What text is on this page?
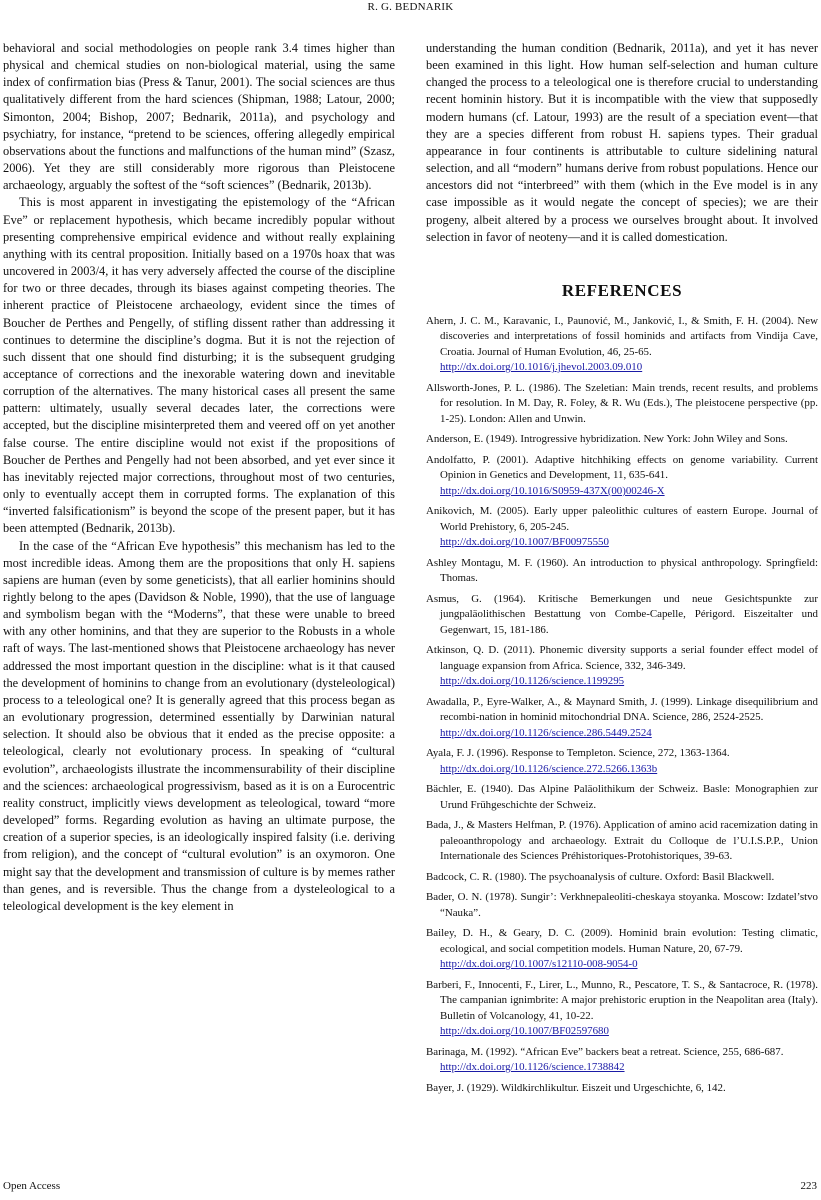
R. G. BEDNARIK

behavioral and social methodologies on people rank 3.4 times higher than physical and chemical studies on non-biological material, using the same index of confirmation bias (Press & Tanur, 2001). The social sciences are thus qualitatively different from the hard sciences (Shipman, 1988; Latour, 2000; Simonton, 2004; Bishop, 2007; Bednarik, 2011a), and psychology and psychiatry, for instance, “pretend to be sciences, offering allegedly empirical observations about the functions and malfunctions of the human mind” (Szasz, 2006). Yet they are still considerably more rigorous than Pleistocene archaeology, arguably the softest of the “soft sciences” (Bednarik, 2013b).

This is most apparent in investigating the epistemology of the “African Eve” or replacement hypothesis, which became incredibly popular without presenting comprehensive empirical evidence and without really explaining anything with its central proposition. Initially based on a 1970s hoax that was uncovered in 2003/4, it has very adversely affected the course of the discipline for two or three decades, through its biases against competing theories. The inherent practice of Pleistocene archaeology, evident since the times of Boucher de Perthes and Pengelly, of stifling dissent rather than addressing it continues to determine the discipline’s dogma. But it is not the rejection of such dissent that one should find disturbing; it is the subsequent grudging acceptance of corrections and the inexorable watering down and inevitable corruption of the alternatives. The many historical cases all present the same pattern: ultimately, usually several decades later, the corrections were accepted, but the discipline misinterpreted them and veered off on yet another false course. The entire discipline would not exist if the propositions of Boucher de Perthes and Pengelly had not been absorbed, and yet ever since it has inevitably rejected major corrections, throughout most of two centuries, only to eventually accept them in corrupted forms. The explanation of this “inverted falsificationism” is beyond the scope of the present paper, but it has been attempted (Bednarik, 2013b).

In the case of the “African Eve hypothesis” this mechanism has led to the most incredible ideas. Among them are the propositions that only H. sapiens sapiens are human (even by some geneticists), that all earlier hominins should rightly belong to the apes (Davidson & Noble, 1990), that the use of language and symbolism began with the “Moderns”, that these were unable to breed with any other hominins, and that they are superior to the Robusts in a whole raft of ways. The last-mentioned shows that Pleistocene archaeology has never addressed the most important question in the discipline: what is it that caused the development of hominins to change from an evolutionary (dysteleological) process to a teleological one? It is generally agreed that this process began as an evolutionary progression, determined essentially by Darwinian natural selection. It should also be obvious that it ended as the precise opposite: a teleological, clearly not evolutionary process. In speaking of “cultural evolution”, archaeologists illustrate the incommensurability of their discipline and the sciences: archaeological progressivism, based as it is on a Eurocentric reality construct, implicitly views development as teleological, toward “more developed” forms. Regarding evolution as having an ultimate purpose, the creation of a superior species, is an ideologically inspired falsity (i.e. deriving from religion), and the concept of “cultural evolution” is an oxymoron. One might say that the development and transmission of culture is by memes rather than genes, and is reversible. Thus the change from a dysteleological to a teleological development is the key element in

understanding the human condition (Bednarik, 2011a), and yet it has never been examined in this light. How human self-selection and human culture changed the process to a teleological one is therefore crucial to understanding recent hominin history. But it is incompatible with the view that supposedly modern humans (cf. Latour, 1993) are the result of a speciation event—that they are a species different from robust H. sapiens types. Their gradual appearance in four continents is attributable to culture sidelining natural selection, and all “modern” humans derive from robust populations. Hence our ancestors did not “interbreed” with them (which in the Eve model is in any case impossible as it would negate the concept of species); we are their progeny, albeit altered by a process we ourselves brought about. It involved selection in favor of neoteny—and it is called domestication.

REFERENCES
Ahern, J. C. M., Karavanic, I., Paunović, M., Janković, I., & Smith, F. H. (2004). New discoveries and interpretations of fossil hominids and artifacts from Vindija Cave, Croatia. Journal of Human Evolution, 46, 25-65.
http://dx.doi.org/10.1016/j.jhevol.2003.09.010
Allsworth-Jones, P. L. (1986). The Szeletian: Main trends, recent results, and problems for resolution. In M. Day, R. Foley, & R. Wu (Eds.), The pleistocene perspective (pp. 1-25). London: Allen and Unwin.
Anderson, E. (1949). Introgressive hybridization. New York: John Wiley and Sons.
Andolfatto, P. (2001). Adaptive hitchhiking effects on genome variability. Current Opinion in Genetics and Development, 11, 635-641.
http://dx.doi.org/10.1016/S0959-437X(00)00246-X
Anikovich, M. (2005). Early upper paleolithic cultures of eastern Europe. Journal of World Prehistory, 6, 205-245.
http://dx.doi.org/10.1007/BF00975550
Ashley Montagu, M. F. (1960). An introduction to physical anthropology. Springfield: Thomas.
Asmus, G. (1964). Kritische Bemerkungen und neue Gesichtspunkte zur jungpaläolithischen Bestattung von Combe-Capelle, Périgord. Eiszeitalter und Gegenwart, 15, 181-186.
Atkinson, Q. D. (2011). Phonemic diversity supports a serial founder effect model of language expansion from Africa. Science, 332, 346-349.
http://dx.doi.org/10.1126/science.1199295
Awadalla, P., Eyre-Walker, A., & Maynard Smith, J. (1999). Linkage disequilibrium and recombi-nation in hominid mitochondrial DNA. Science, 286, 2524-2525.
http://dx.doi.org/10.1126/science.286.5449.2524
Ayala, F. J. (1996). Response to Templeton. Science, 272, 1363-1364.
http://dx.doi.org/10.1126/science.272.5266.1363b
Bächler, E. (1940). Das Alpine Paläolithikum der Schweiz. Basle: Monographien zur Urund Frühgeschichte der Schweiz.
Bada, J., & Masters Helfman, P. (1976). Application of amino acid racemization dating in paleoanthropology and archaeology. Extrait du Colloque de l’U.I.S.P.P., Union Internationale des Sciences Préhistoriques-Protohistoriques, 39-63.
Badcock, C. R. (1980). The psychoanalysis of culture. Oxford: Basil Blackwell.
Bader, O. N. (1978). Sungir’: Verkhnepaleoliti-cheskaya stoyanka. Moscow: Izdatel’stvo “Nauka”.
Bailey, D. H., & Geary, D. C. (2009). Hominid brain evolution: Testing climatic, ecological, and social competition models. Human Nature, 20, 67-79.
http://dx.doi.org/10.1007/s12110-008-9054-0
Barberi, F., Innocenti, F., Lirer, L., Munno, R., Pescatore, T. S., & Santacroce, R. (1978). The campanian ignimbrite: A major prehistoric eruption in the Neapolitan area (Italy). Bulletin of Volcanology, 41, 10-22.
http://dx.doi.org/10.1007/BF02597680
Barinaga, M. (1992). “African Eve” backers beat a retreat. Science, 255, 686-687.
http://dx.doi.org/10.1126/science.1738842
Bayer, J. (1929). Wildkirchlikultur. Eiszeit und Urgeschichte, 6, 142.
Open Access	223
